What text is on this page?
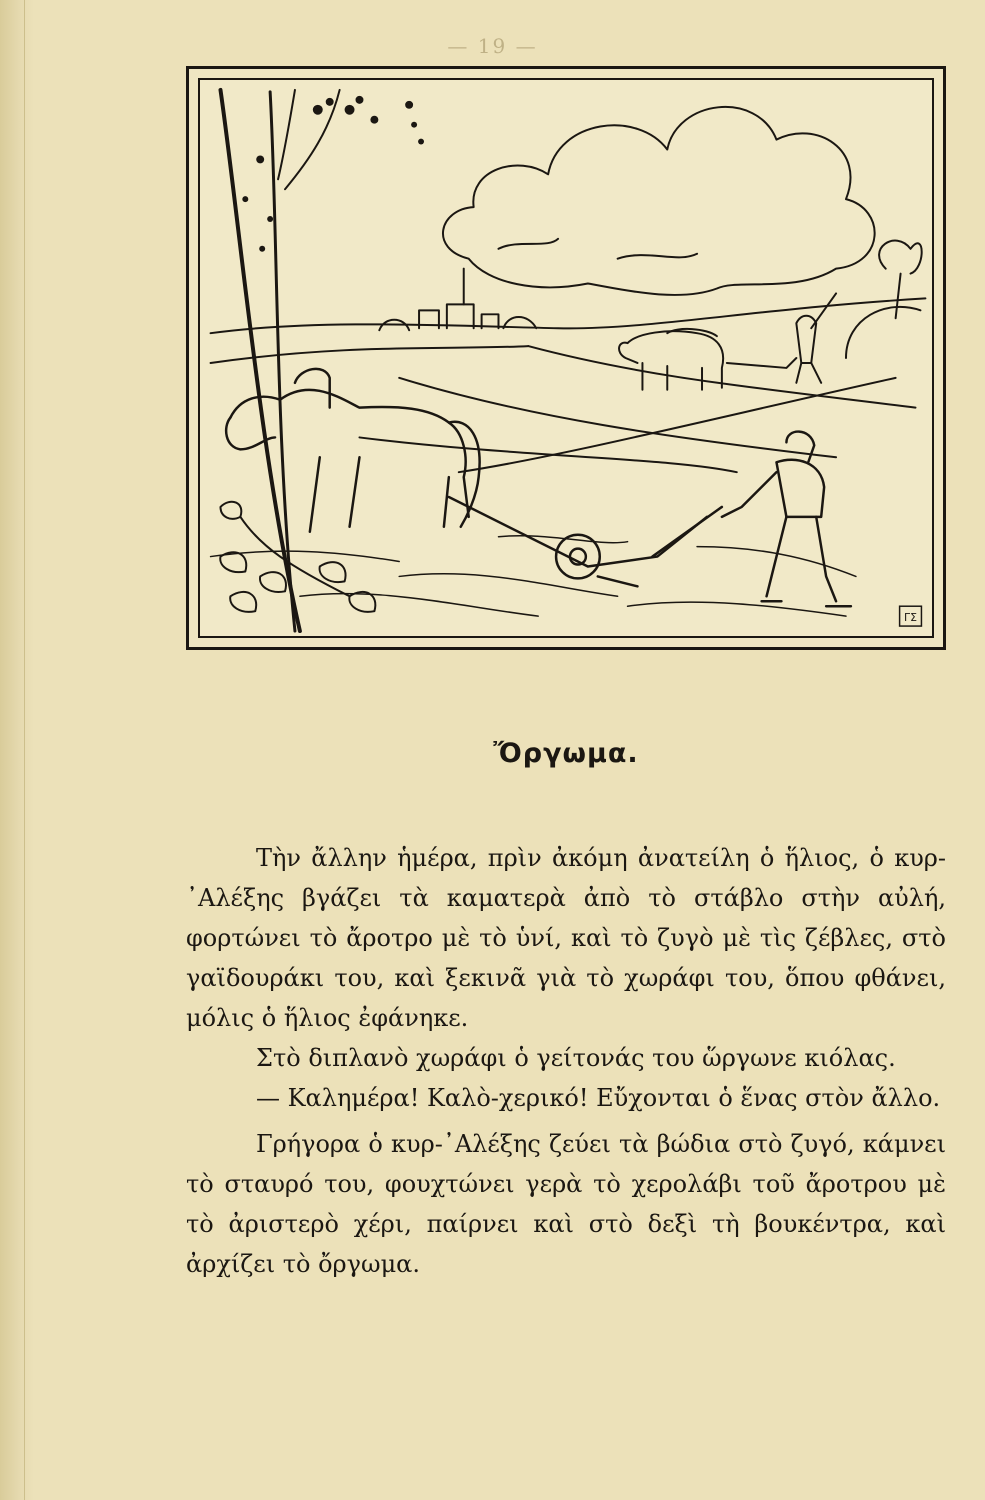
— 19 —
ΓΣ
Ὄργωμα.

Τὴν ἄλλην ἡμέρα, πρὶν ἀκόμη ἀνατείλη ὁ ἥλιος, ὁ κυρ-᾿Αλέξης βγάζει τὰ καματερὰ ἀπὸ τὸ στάβλο στὴν αὐλή, φορτώνει τὸ ἄροτρο μὲ τὸ ὑνί, καὶ τὸ ζυγὸ μὲ τὶς ζέβλες, στὸ γαϊδουράκι του, καὶ ξεκινᾶ γιὰ τὸ χωράφι του, ὅπου φθάνει, μόλις ὁ ἥλιος ἐφάνηκε.

Στὸ διπλανὸ χωράφι ὁ γείτονάς του ὥργωνε κιόλας.

— Καλημέρα! Καλὸ-χερικό! Εὔχονται ὁ ἕνας στὸν ἄλλο.

Γρήγορα ὁ κυρ-᾿Αλέξης ζεύει τὰ βώδια στὸ ζυγό, κάμνει τὸ σταυρό του, φουχτώνει γερὰ τὸ χερολάβι τοῦ ἄροτρου μὲ τὸ ἀριστερὸ χέρι, παίρνει καὶ στὸ δεξὶ τὴ βουκέντρα, καὶ ἀρχίζει τὸ ὄργωμα.
